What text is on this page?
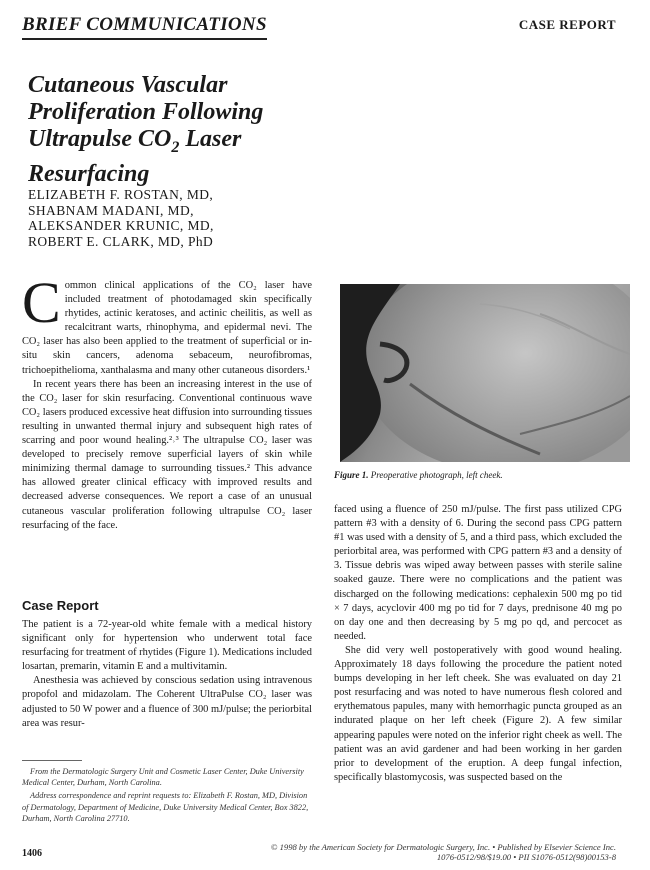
BRIEF COMMUNICATIONS	CASE REPORT
Cutaneous Vascular
Proliferation Following
Ultrapulse $CO_2$ Laser
Resurfacing
ELIZABETH F. ROSTAN, MD,
SHABNAM MADANI, MD,
ALEKSANDER KRUNIC, MD,
ROBERT E. CLARK, MD, PhD

Common clinical applications of the CO₂ laser have included treatment of photodamaged skin specifically rhytides, actinic keratoses, and actinic cheilitis, as well as recalcitrant warts, rhinophyma, and epidermal nevi. The CO₂ laser has also been applied to the treatment of superficial or in-situ skin cancers, adenoma sebaceum, neurofibromas, trichoepithelioma, xanthalasma and many other cutaneous disorders.¹

In recent years there has been an increasing interest in the use of the CO₂ laser for skin resurfacing. Conventional continuous wave CO₂ lasers produced excessive heat diffusion into surrounding tissues resulting in unwanted thermal injury and subsequent high rates of scarring and poor wound healing.²˒³ The ultrapulse CO₂ laser was developed to precisely remove superficial layers of skin while minimizing thermal damage to surrounding tissues.² This advance has allowed greater clinical efficacy with improved results and decreased adverse consequences. We report a case of an unusual cutaneous vascular proliferation following ultrapulse CO₂ laser resurfacing of the face.

Case Report

The patient is a 72-year-old white female with a medical history significant only for hypertension who underwent total face resurfacing for treatment of rhytides (Figure 1). Medications included losartan, premarin, vitamin E and a multivitamin.

Anesthesia was achieved by conscious sedation using intravenous propofol and midazolam. The Coherent UltraPulse CO₂ laser was adjusted to 50 W power and a fluence of 300 mJ/pulse; the periorbital area was resur-

From the Dermatologic Surgery Unit and Cosmetic Laser Center, Duke University Medical Center, Durham, North Carolina.

Address correspondence and reprint requests to: Elizabeth F. Rostan, MD, Division of Dermatology, Department of Medicine, Duke University Medical Center, Box 3822, Durham, North Carolina 27710.

Figure 1. Preoperative photograph, left cheek.

faced using a fluence of 250 mJ/pulse. The first pass utilized CPG pattern #3 with a density of 6. During the second pass CPG pattern #1 was used with a density of 5, and a third pass, which excluded the periorbital area, was performed with CPG pattern #3 and a density of 3. Tissue debris was wiped away between passes with sterile saline soaked gauze. There were no complications and the patient was discharged on the following medications: cephalexin 500 mg po tid × 7 days, acyclovir 400 mg po tid for 7 days, prednisone 40 mg po on day one and then decreasing by 5 mg po qd, and percocet as needed.

She did very well postoperatively with good wound healing. Approximately 18 days following the procedure the patient noted bumps developing in her left cheek. She was evaluated on day 21 post resurfacing and was noted to have numerous flesh colored and erythematous papules, many with hemorrhagic puncta grouped as an indurated plaque on her left cheek (Figure 2). A few similar appearing papules were noted on the inferior right cheek as well. The patient was an avid gardener and had been working in her garden prior to development of the eruption. A deep fungal infection, specifically blastomycosis, was suspected based on the

1406
© 1998 by the American Society for Dermatologic Surgery, Inc. • Published by Elsevier Science Inc.
1076-0512/98/$19.00 • PII S1076-0512(98)00153-8
